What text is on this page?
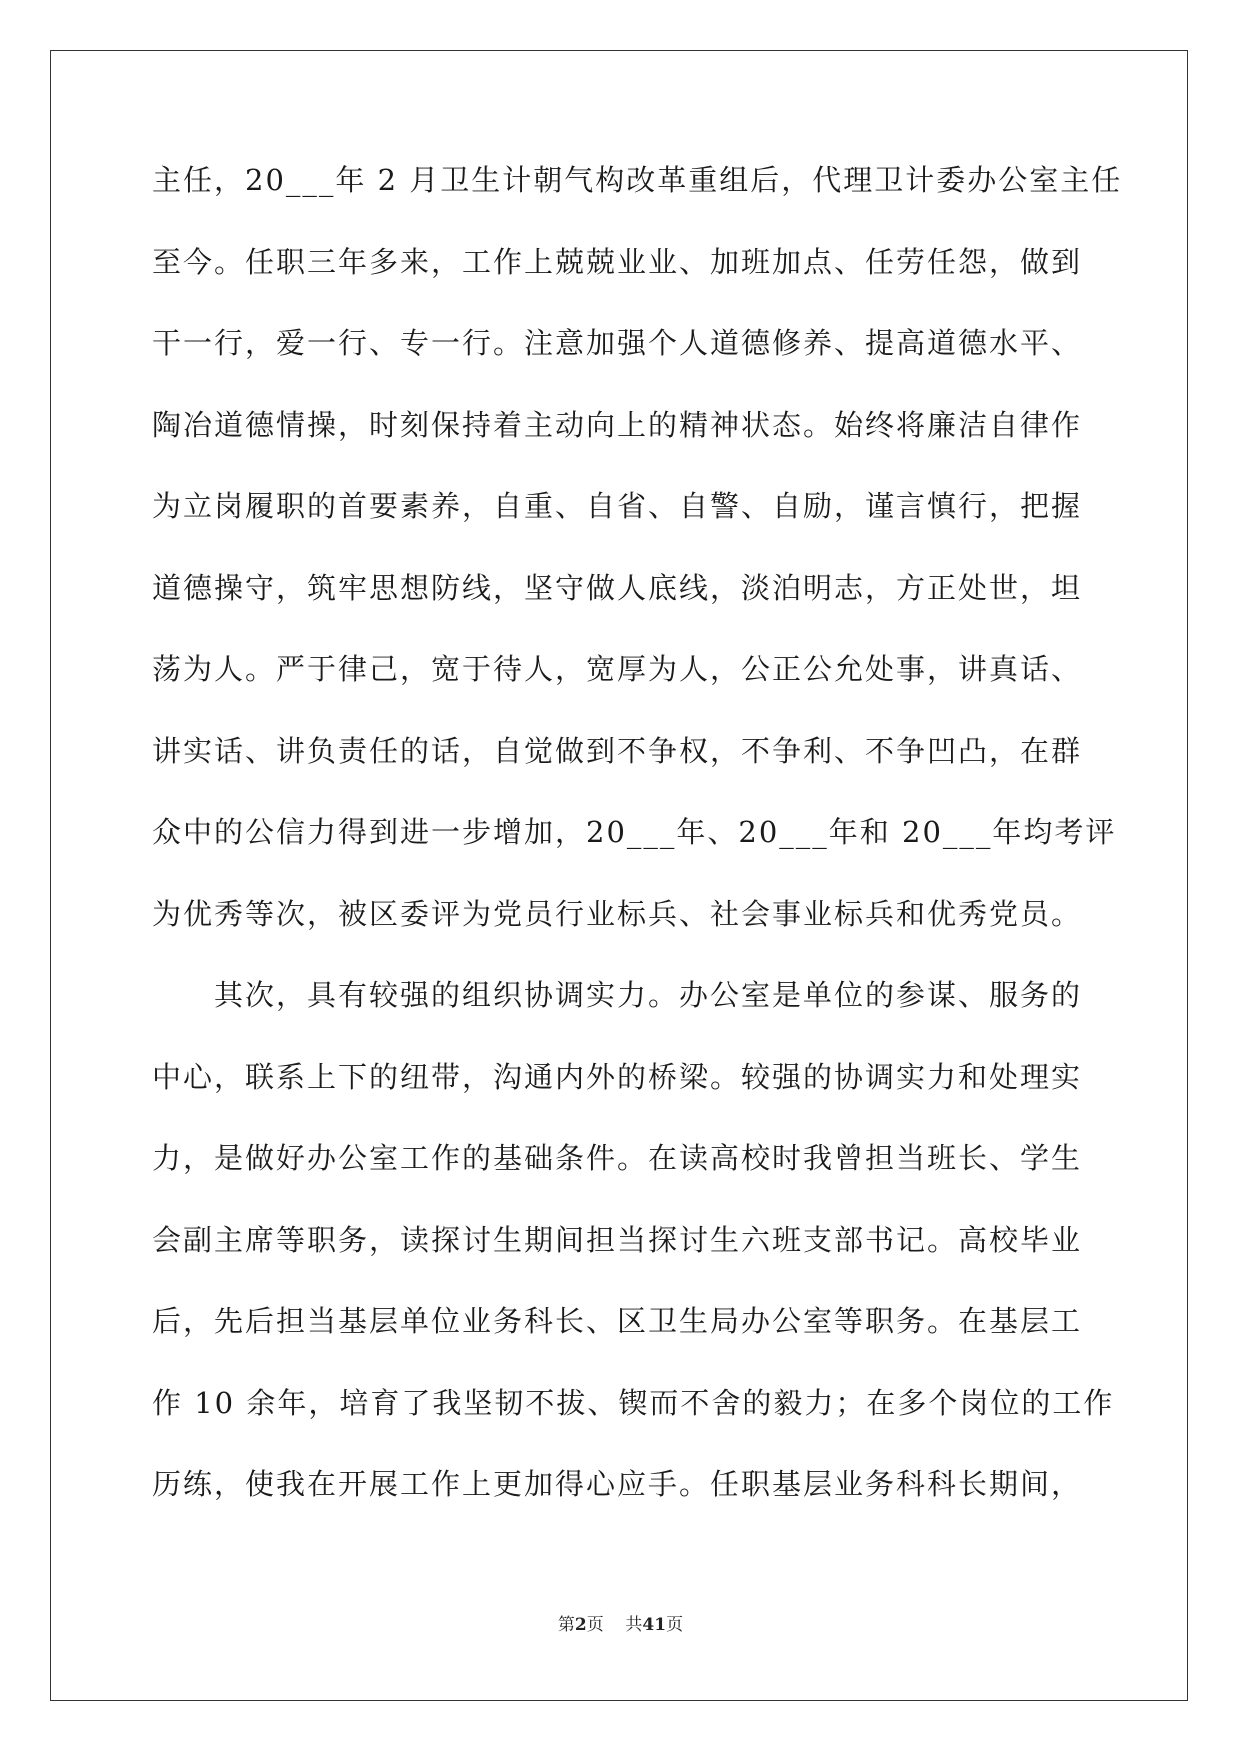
主任，20___年 2 月卫生计朝气构改革重组后，代理卫计委办公室主任
至今。任职三年多来，工作上兢兢业业、加班加点、任劳任怨，做到
干一行，爱一行、专一行。注意加强个人道德修养、提高道德水平、
陶冶道德情操，时刻保持着主动向上的精神状态。始终将廉洁自律作
为立岗履职的首要素养，自重、自省、自警、自励，谨言慎行，把握
道德操守，筑牢思想防线，坚守做人底线，淡泊明志，方正处世，坦
荡为人。严于律己，宽于待人，宽厚为人，公正公允处事，讲真话、
讲实话、讲负责任的话，自觉做到不争权，不争利、不争凹凸，在群
众中的公信力得到进一步增加，20___年、20___年和 20___年均考评
为优秀等次，被区委评为党员行业标兵、社会事业标兵和优秀党员。
其次，具有较强的组织协调实力。办公室是单位的参谋、服务的
中心，联系上下的纽带，沟通内外的桥梁。较强的协调实力和处理实
力，是做好办公室工作的基础条件。在读高校时我曾担当班长、学生
会副主席等职务，读探讨生期间担当探讨生六班支部书记。高校毕业
后，先后担当基层单位业务科长、区卫生局办公室等职务。在基层工
作 10 余年，培育了我坚韧不拔、锲而不舍的毅力；在多个岗位的工作
历练，使我在开展工作上更加得心应手。任职基层业务科科长期间，
第2页 共41页
